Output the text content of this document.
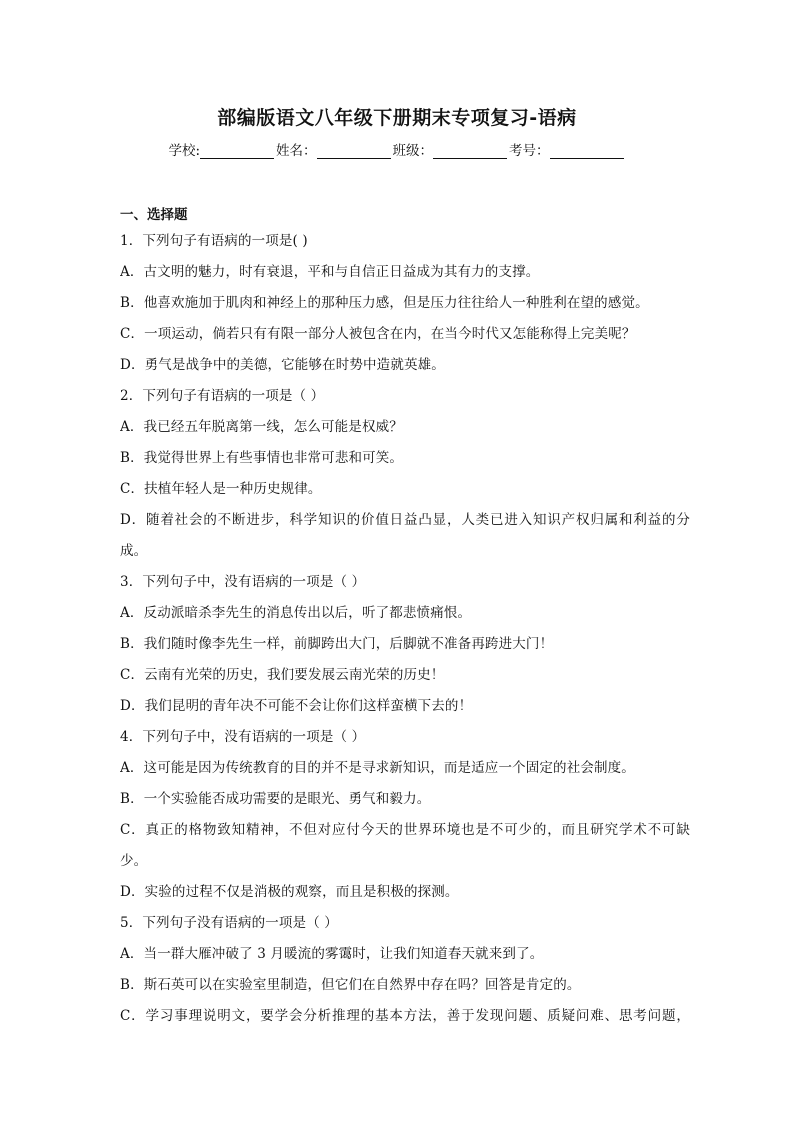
部编版语文八年级下册期末专项复习-语病
学校:	姓名：	班级：	考号：
一、选择题
1．下列句子有语病的一项是( )
A．古文明的魅力，时有衰退，平和与自信正日益成为其有力的支撑。
B．他喜欢施加于肌肉和神经上的那种压力感，但是压力往往给人一种胜利在望的感觉。
C．一项运动，倘若只有有限一部分人被包含在内，在当今时代又怎能称得上完美呢？
D．勇气是战争中的美德，它能够在时势中造就英雄。
2．下列句子有语病的一项是（ ）
A．我已经五年脱离第一线，怎么可能是权威？
B．我觉得世界上有些事情也非常可悲和可笑。
C．扶植年轻人是一种历史规律。
D．随着社会的不断进步，科学知识的价值日益凸显，人类已进入知识产权归属和利益的分
成。
3．下列句子中，没有语病的一项是（ ）
A．反动派暗杀李先生的消息传出以后，听了都悲愤痛恨。
B．我们随时像李先生一样，前脚跨出大门，后脚就不准备再跨进大门！
C．云南有光荣的历史，我们要发展云南光荣的历史！
D．我们昆明的青年决不可能不会让你们这样蛮横下去的！
4．下列句子中，没有语病的一项是（ ）
A．这可能是因为传统教育的目的并不是寻求新知识，而是适应一个固定的社会制度。
B．一个实验能否成功需要的是眼光、勇气和毅力。
C．真正的格物致知精神，不但对应付今天的世界环境也是不可少的，而且研究学术不可缺
少。
D．实验的过程不仅是消极的观察，而且是积极的探测。
5．下列句子没有语病的一项是（ ）
A．当一群大雁冲破了 3 月暖流的雾霭时，让我们知道春天就来到了。
B．斯石英可以在实验室里制造，但它们在自然界中存在吗？回答是肯定的。
C．学习事理说明文，要学会分析推理的基本方法，善于发现问题、质疑问难、思考问题，
